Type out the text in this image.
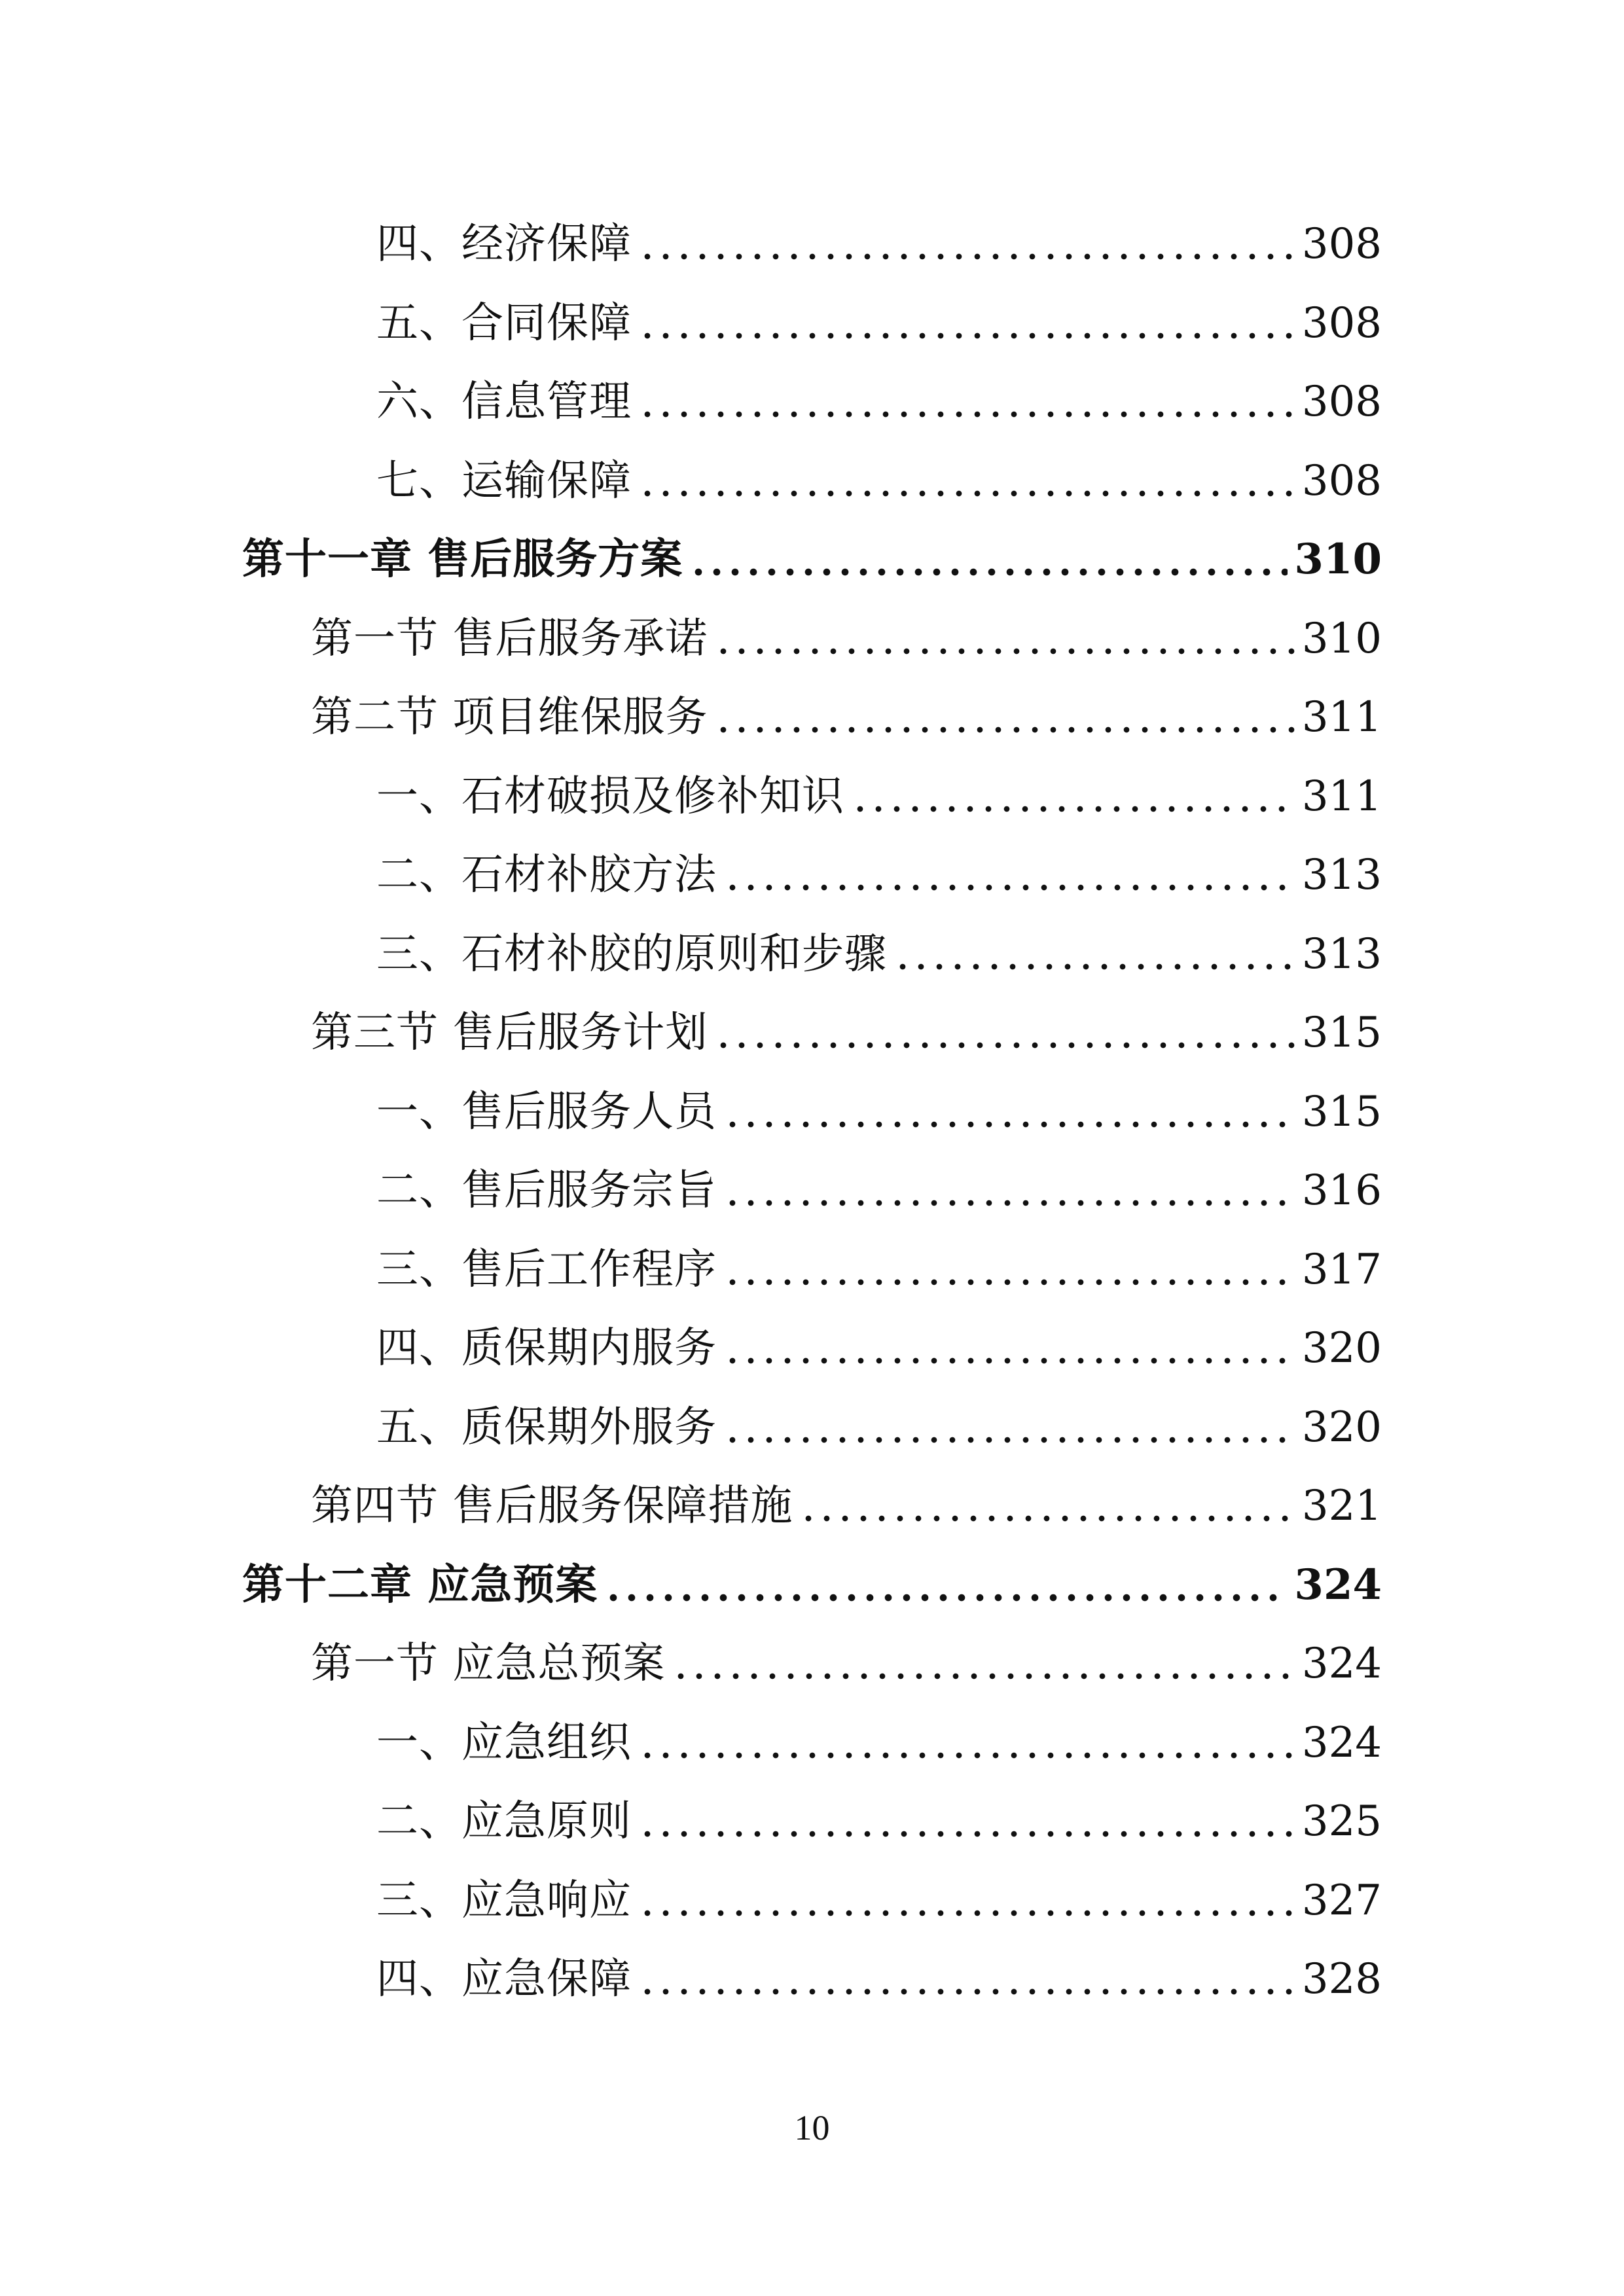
四、经济保障	308
五、合同保障	308
六、信息管理	308
七、运输保障	308
第十一章 售后服务方案	310
第一节 售后服务承诺	310
第二节 项目维保服务	311
一、石材破损及修补知识	311
二、石材补胶方法	313
三、石材补胶的原则和步骤	313
第三节 售后服务计划	315
一、售后服务人员	315
二、售后服务宗旨	316
三、售后工作程序	317
四、质保期内服务	320
五、质保期外服务	320
第四节 售后服务保障措施	321
第十二章 应急预案	324
第一节 应急总预案	324
一、应急组织	324
二、应急原则	325
三、应急响应	327
四、应急保障	328
10
